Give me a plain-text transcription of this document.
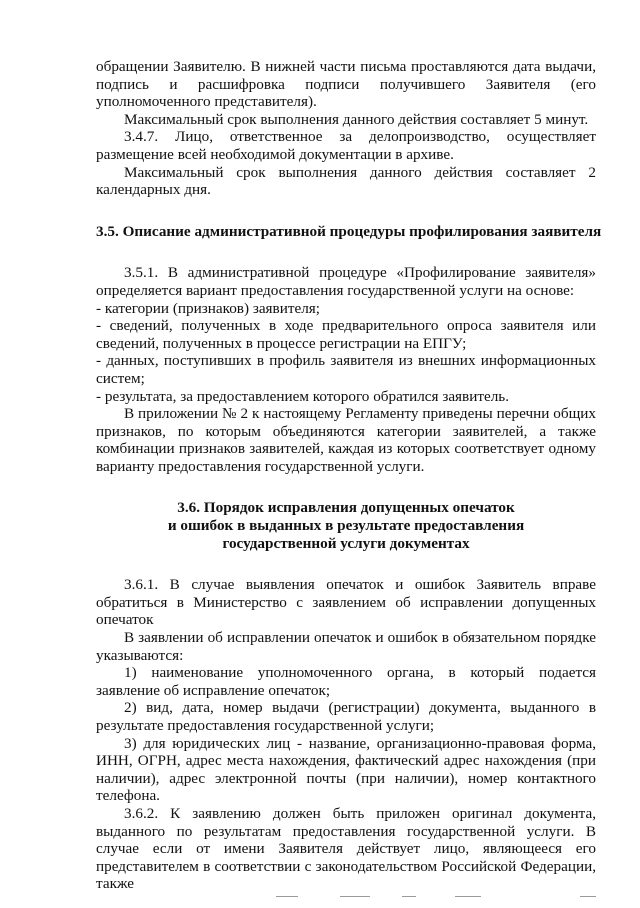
обращении Заявителю. В нижней части письма проставляются дата выдачи, подпись и расшифровка подписи получившего Заявителя (его уполномоченного представителя).

Максимальный срок выполнения данного действия составляет 5 минут.

3.4.7. Лицо, ответственное за делопроизводство, осуществляет размещение всей необходимой документации в архиве.

Максимальный срок выполнения данного действия составляет 2 календарных дня.

3.5. Описание административной процедуры профилирования заявителя

3.5.1. В административной процедуре «Профилирование заявителя» определяется вариант предоставления государственной услуги на основе:

- категории (признаков) заявителя;

- сведений, полученных в ходе предварительного опроса заявителя или сведений, полученных в процессе регистрации на ЕПГУ;

- данных, поступивших в профиль заявителя из внешних информационных систем;

- результата, за предоставлением которого обратился заявитель.

В приложении № 2 к настоящему Регламенту приведены перечни общих признаков, по которым объединяются категории заявителей, а также комбинации признаков заявителей, каждая из которых соответствует одному варианту предоставления государственной услуги.

3.6. Порядок исправления допущенных опечаток
и ошибок в выданных в результате предоставления
государственной услуги документах

3.6.1. В случае выявления опечаток и ошибок Заявитель вправе обратиться в Министерство с заявлением об исправлении допущенных опечаток

В заявлении об исправлении опечаток и ошибок в обязательном порядке указываются:

1) наименование уполномоченного органа, в который подается заявление об исправление опечаток;

2) вид, дата, номер выдачи (регистрации) документа, выданного в результате предоставления государственной услуги;

3) для юридических лиц - название, организационно-правовая форма, ИНН, ОГРН, адрес места нахождения, фактический адрес нахождения (при наличии), адрес электронной почты (при наличии), номер контактного телефона.

3.6.2. К заявлению должен быть приложен оригинал документа, выданного по результатам предоставления государственной услуги. В случае если от имени Заявителя действует лицо, являющееся его представителем в соответствии с законодательством Российской Федерации, также
